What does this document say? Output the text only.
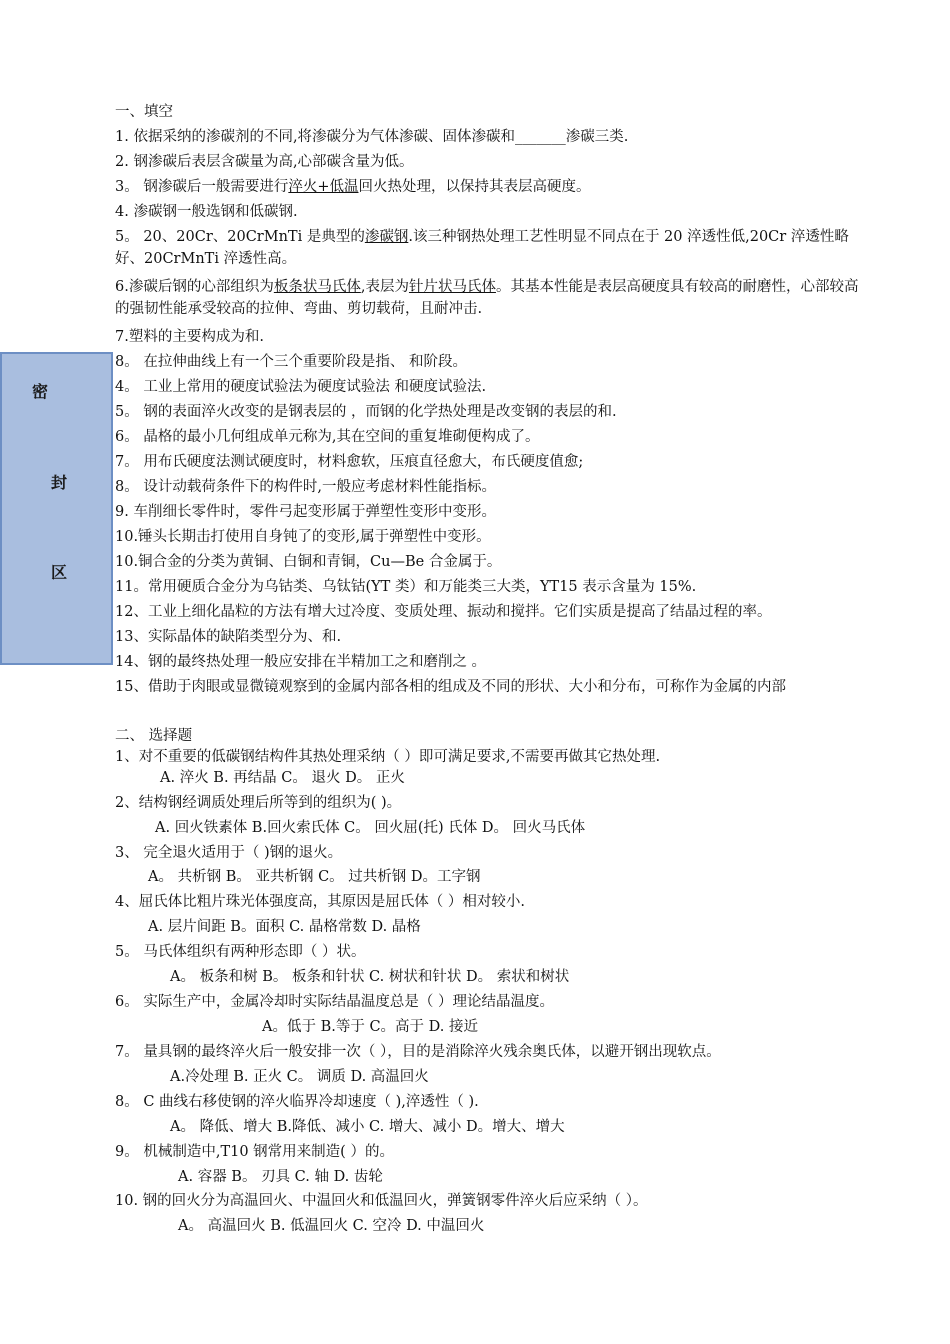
密
封
区
一、填空
1. 依据采纳的渗碳剂的不同,将渗碳分为气体渗碳、固体渗碳和_______渗碳三类.
2. 钢渗碳后表层含碳量为高,心部碳含量为低。
3。 钢渗碳后一般需要进行淬火+低温回火热处理，以保持其表层高硬度。
4. 渗碳钢一般选钢和低碳钢.
5。 20、20Cr、20CrMnTi 是典型的渗碳钢.该三种钢热处理工艺性明显不同点在于 20 淬透性低,20Cr 淬透性略好、20CrMnTi 淬透性高。
6.渗碳后钢的心部组织为板条状马氏体,表层为针片状马氏体。其基本性能是表层高硬度具有较高的耐磨性，心部较高的强韧性能承受较高的拉伸、弯曲、剪切载荷，且耐冲击.
7.塑料的主要构成为和.
8。 在拉伸曲线上有一个三个重要阶段是指、 和阶段。
4。 工业上常用的硬度试验法为硬度试验法 和硬度试验法.
5。 钢的表面淬火改变的是钢表层的 ，而钢的化学热处理是改变钢的表层的和.
6。 晶格的最小几何组成单元称为,其在空间的重复堆砌便构成了。
7。 用布氏硬度法测试硬度时，材料愈软，压痕直径愈大，布氏硬度值愈;
8。 设计动载荷条件下的构件时,一般应考虑材料性能指标。
9. 车削细长零件时，零件弓起变形属于弹塑性变形中变形。
10.锤头长期击打使用自身钝了的变形,属于弹塑性中变形。
10.铜合金的分类为黄铜、白铜和青铜，Cu—Be 合金属于。
11。常用硬质合金分为乌钴类、乌钛钴(YT 类）和万能类三大类，YT15 表示含量为 15%.
12、工业上细化晶粒的方法有增大过冷度、变质处理、振动和搅拌。它们实质是提高了结晶过程的率。
13、实际晶体的缺陷类型分为、和.
14、钢的最终热处理一般应安排在半精加工之和磨削之 。
15、借助于肉眼或显微镜观察到的金属内部各相的组成及不同的形状、大小和分布，可称作为金属的内部
二、 选择题
1、对不重要的低碳钢结构件其热处理采纳（ ）即可满足要求,不需要再做其它热处理.
A. 淬火 B. 再结晶 C。 退火 D。 正火
2、结构钢经调质处理后所等到的组织为( )。
A. 回火铁素体 B.回火索氏体 C。 回火屈(托) 氏体 D。 回火马氏体
3、 完全退火适用于（ )钢的退火。
A。 共析钢 B。 亚共析钢 C。 过共析钢 D。工字钢
4、屈氏体比粗片珠光体强度高，其原因是屈氏体（ ）相对较小.
A. 层片间距 B。面积 C. 晶格常数 D. 晶格
5。 马氏体组织有两种形态即（ ）状。
A。 板条和树 B。 板条和针状 C. 树状和针状 D。 索状和树状
6。 实际生产中，金属冷却时实际结晶温度总是（ ）理论结晶温度。
A。低于 B.等于 C。高于 D. 接近
7。 量具钢的最终淬火后一般安排一次（ ），目的是消除淬火残余奥氏体，以避开钢出现软点。
A.冷处理 B. 正火 C。 调质 D. 高温回火
8。 C 曲线右移使钢的淬火临界冷却速度（ ),淬透性（ ).
A。 降低、增大 B.降低、减小 C. 增大、减小 D。增大、增大
9。 机械制造中,T10 钢常用来制造( ）的。
A. 容器 B。 刃具 C. 轴 D. 齿轮
10. 钢的回火分为高温回火、中温回火和低温回火，弹簧钢零件淬火后应采纳（ ）。
A。 高温回火 B. 低温回火 C. 空冷 D. 中温回火
